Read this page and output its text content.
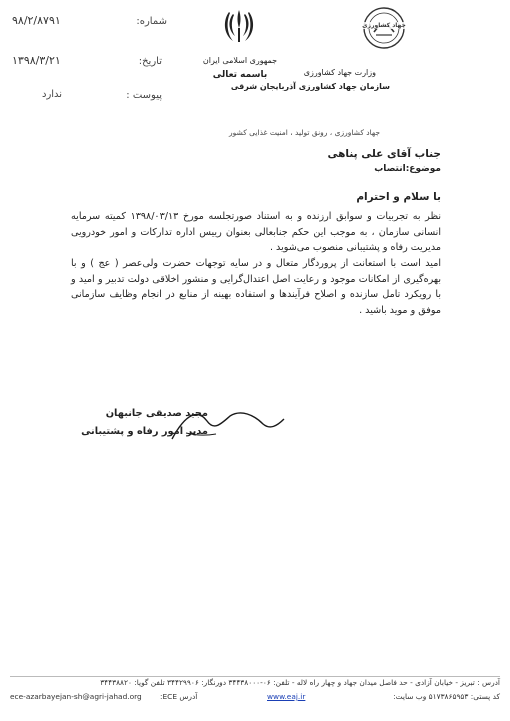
۹۸/۲/۸۷۹۱	شماره:
۱۳۹۸/۳/۲۱	تاریخ:
ندارد	پیوست :
جمهوری اسلامی ایران
باسمه تعالی
جهاد کشاورزی
وزارت جهاد کشاورزی
سازمان جهاد کشاورزی آذربایجان شرقی
جهاد کشاورزی ، رونق تولید ، امنیت غذایی کشور
جناب آقای علی پناهی
موضوع:انتصاب
با سلام و احترام
نظر به تجربیات و سوابق ارزنده و به استناد صورتجلسه مورخ ۱۳۹۸/۰۳/۱۳ کمیته سرمایه انسانی سازمان ، به موجب این حکم جنابعالی بعنوان رییس اداره تدارکات و امور خودرویی مدیریت رفاه و پشتیبانی منصوب می‌شوید .
امید است با استعانت از پروردگار متعال و در سایه توجهات حضرت ولی‌عصر ( عج ) و با بهره‌گیری از امکانات موجود و رعایت اصل اعتدال‌گرایی و منشور اخلاقی دولت تدبیر و امید و با رویکرد تامل سازنده و اصلاح فرآیندها و استفاده بهینه از منابع در انجام وظایف سازمانی موفق و موید باشید .
مجید صدیقی جانبهان
مدیر امور رفاه و پشتیبانی
آدرس : تبریز - خیابان آزادی - حد فاصل میدان جهاد و چهار راه لاله - تلفن: ۰۶-۳۴۴۳۸۰۰۰ دورنگار: ۳۴۴۲۹۹۰۶ تلفن گویا: ۳۴۴۳۸۸۲۰
ece-azarbayejan-sh@agri-jahad.org آدرس ECE:	www.eaj.ir	کد پستی: ۵۱۷۳۸۶۵۹۵۳ وب سایت:
